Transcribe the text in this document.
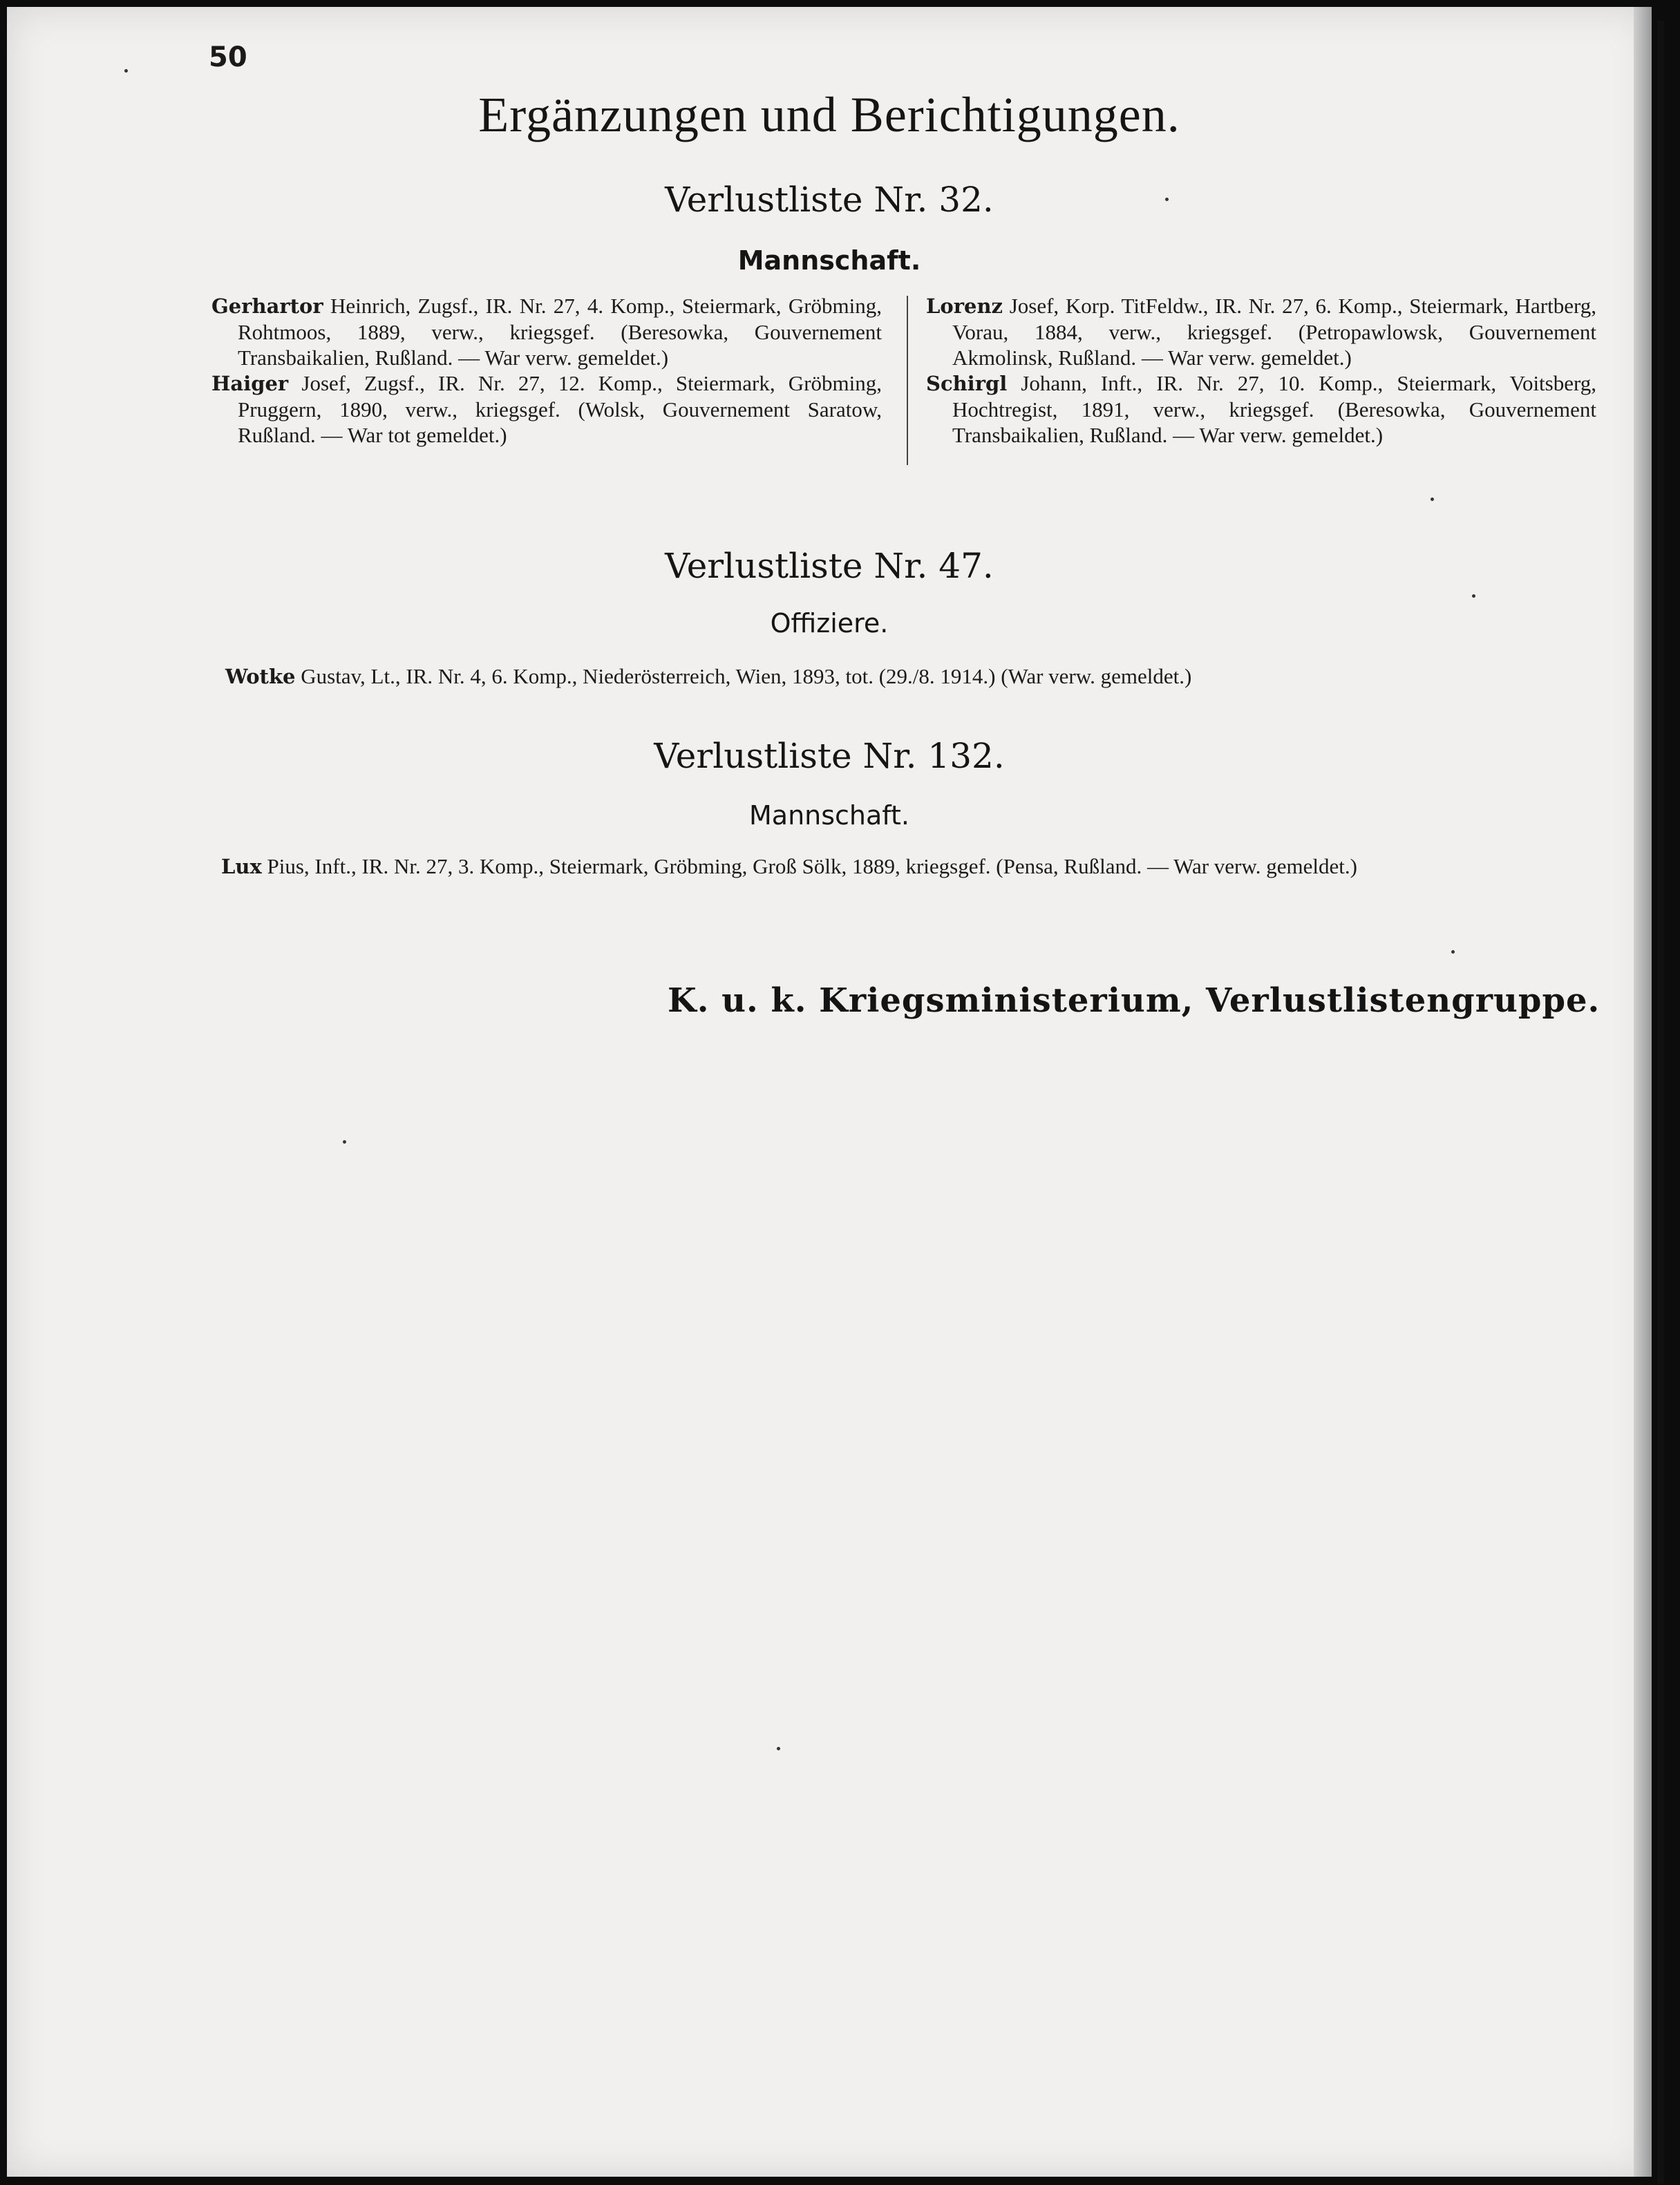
50
Ergänzungen und Berichtigungen.
Verlustliste Nr. 32.
Mannschaft.
Gerhartor Heinrich, Zugsf., IR. Nr. 27, 4. Komp., Steiermark, Gröbming, Rohtmoos, 1889, verw., kriegsgef. (Beresowka, Gouvernement Transbaikalien, Rußland. — War verw. gemeldet.)
Haiger Josef, Zugsf., IR. Nr. 27, 12. Komp., Steiermark, Gröbming, Pruggern, 1890, verw., kriegsgef. (Wolsk, Gouvernement Saratow, Rußland. — War tot gemeldet.)
Lorenz Josef, Korp. TitFeldw., IR. Nr. 27, 6. Komp., Steiermark, Hartberg, Vorau, 1884, verw., kriegsgef. (Petropawlowsk, Gouvernement Akmolinsk, Rußland. — War verw. gemeldet.)
Schirgl Johann, Inft., IR. Nr. 27, 10. Komp., Steiermark, Voitsberg, Hochtregist, 1891, verw., kriegsgef. (Beresowka, Gouvernement Transbaikalien, Rußland. — War verw. gemeldet.)
Verlustliste Nr. 47.
Offiziere.
Wotke Gustav, Lt., IR. Nr. 4, 6. Komp., Niederösterreich, Wien, 1893, tot. (29./8. 1914.) (War verw. gemeldet.)
Verlustliste Nr. 132.
Mannschaft.
Lux Pius, Inft., IR. Nr. 27, 3. Komp., Steiermark, Gröbming, Groß Sölk, 1889, kriegsgef. (Pensa, Rußland. — War verw. gemeldet.)
K. u. k. Kriegsministerium, Verlustlistengruppe.
